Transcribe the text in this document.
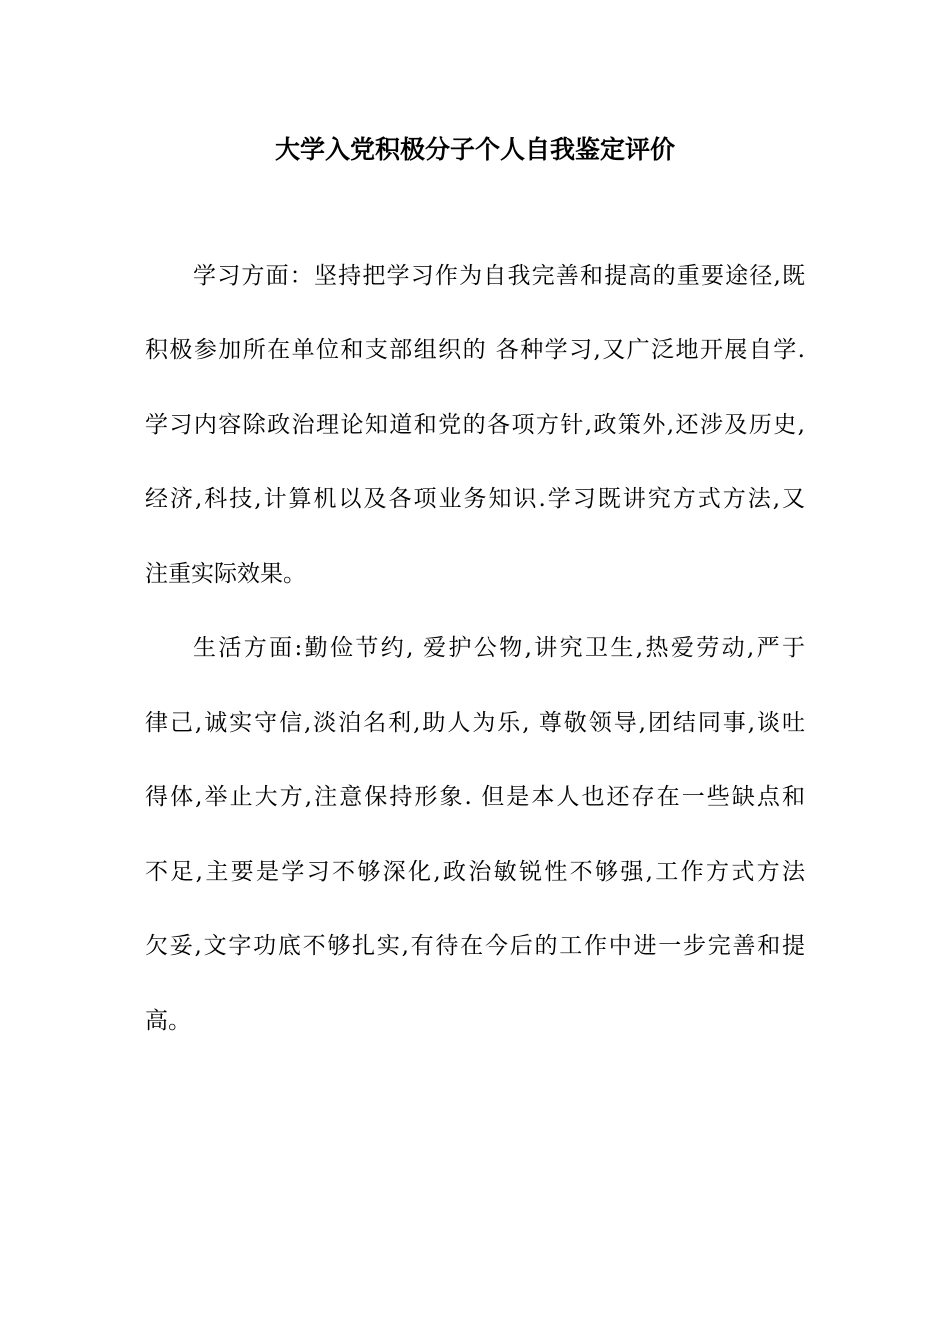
大学入党积极分子个人自我鉴定评价

学习方面：坚持把学习作为自我完善和提高的重要途径,既

积极参加所在单位和支部组织的 各种学习,又广泛地开展自学.

学习内容除政治理论知道和党的各项方针,政策外,还涉及历史,

经济,科技,计算机以及各项业务知识.学习既讲究方式方法,又

注重实际效果。

生活方面:勤俭节约, 爱护公物,讲究卫生,热爱劳动,严于

律己,诚实守信,淡泊名利,助人为乐, 尊敬领导,团结同事,谈吐

得体,举止大方,注意保持形象. 但是本人也还存在一些缺点和

不足,主要是学习不够深化,政治敏锐性不够强,工作方式方法

欠妥,文字功底不够扎实,有待在今后的工作中进一步完善和提

高。
